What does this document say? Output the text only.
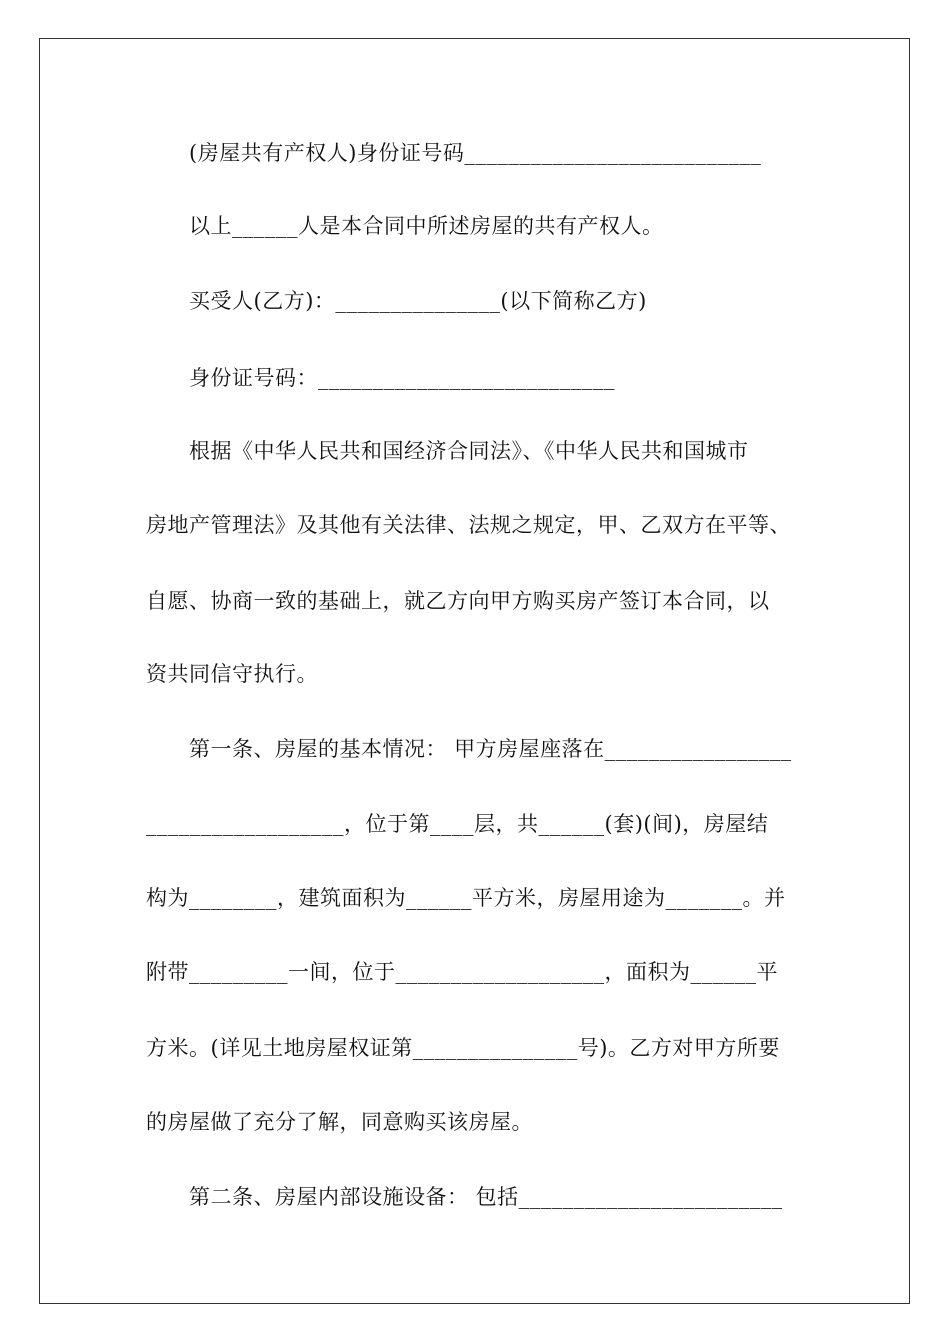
(房屋共有产权人)身份证号码___________________________
以上______人是本合同中所述房屋的共有产权人。
买受人(乙方)：_______________(以下简称乙方)
身份证号码：___________________________
根据《中华人民共和国经济合同法》、《中华人民共和国城市
房地产管理法》及其他有关法律、法规之规定，甲、乙双方在平等、
自愿、协商一致的基础上，就乙方向甲方购买房产签订本合同，以
资共同信守执行。
第一条、房屋的基本情况： 甲方房屋座落在_________________
__________________，位于第____层，共______(套)(间)，房屋结
构为________，建筑面积为______平方米，房屋用途为_______。并
附带_________一间，位于___________________，面积为______平
方米。(详见土地房屋权证第_______________号)。乙方对甲方所要
的房屋做了充分了解，同意购买该房屋。
第二条、房屋内部设施设备： 包括________________________
